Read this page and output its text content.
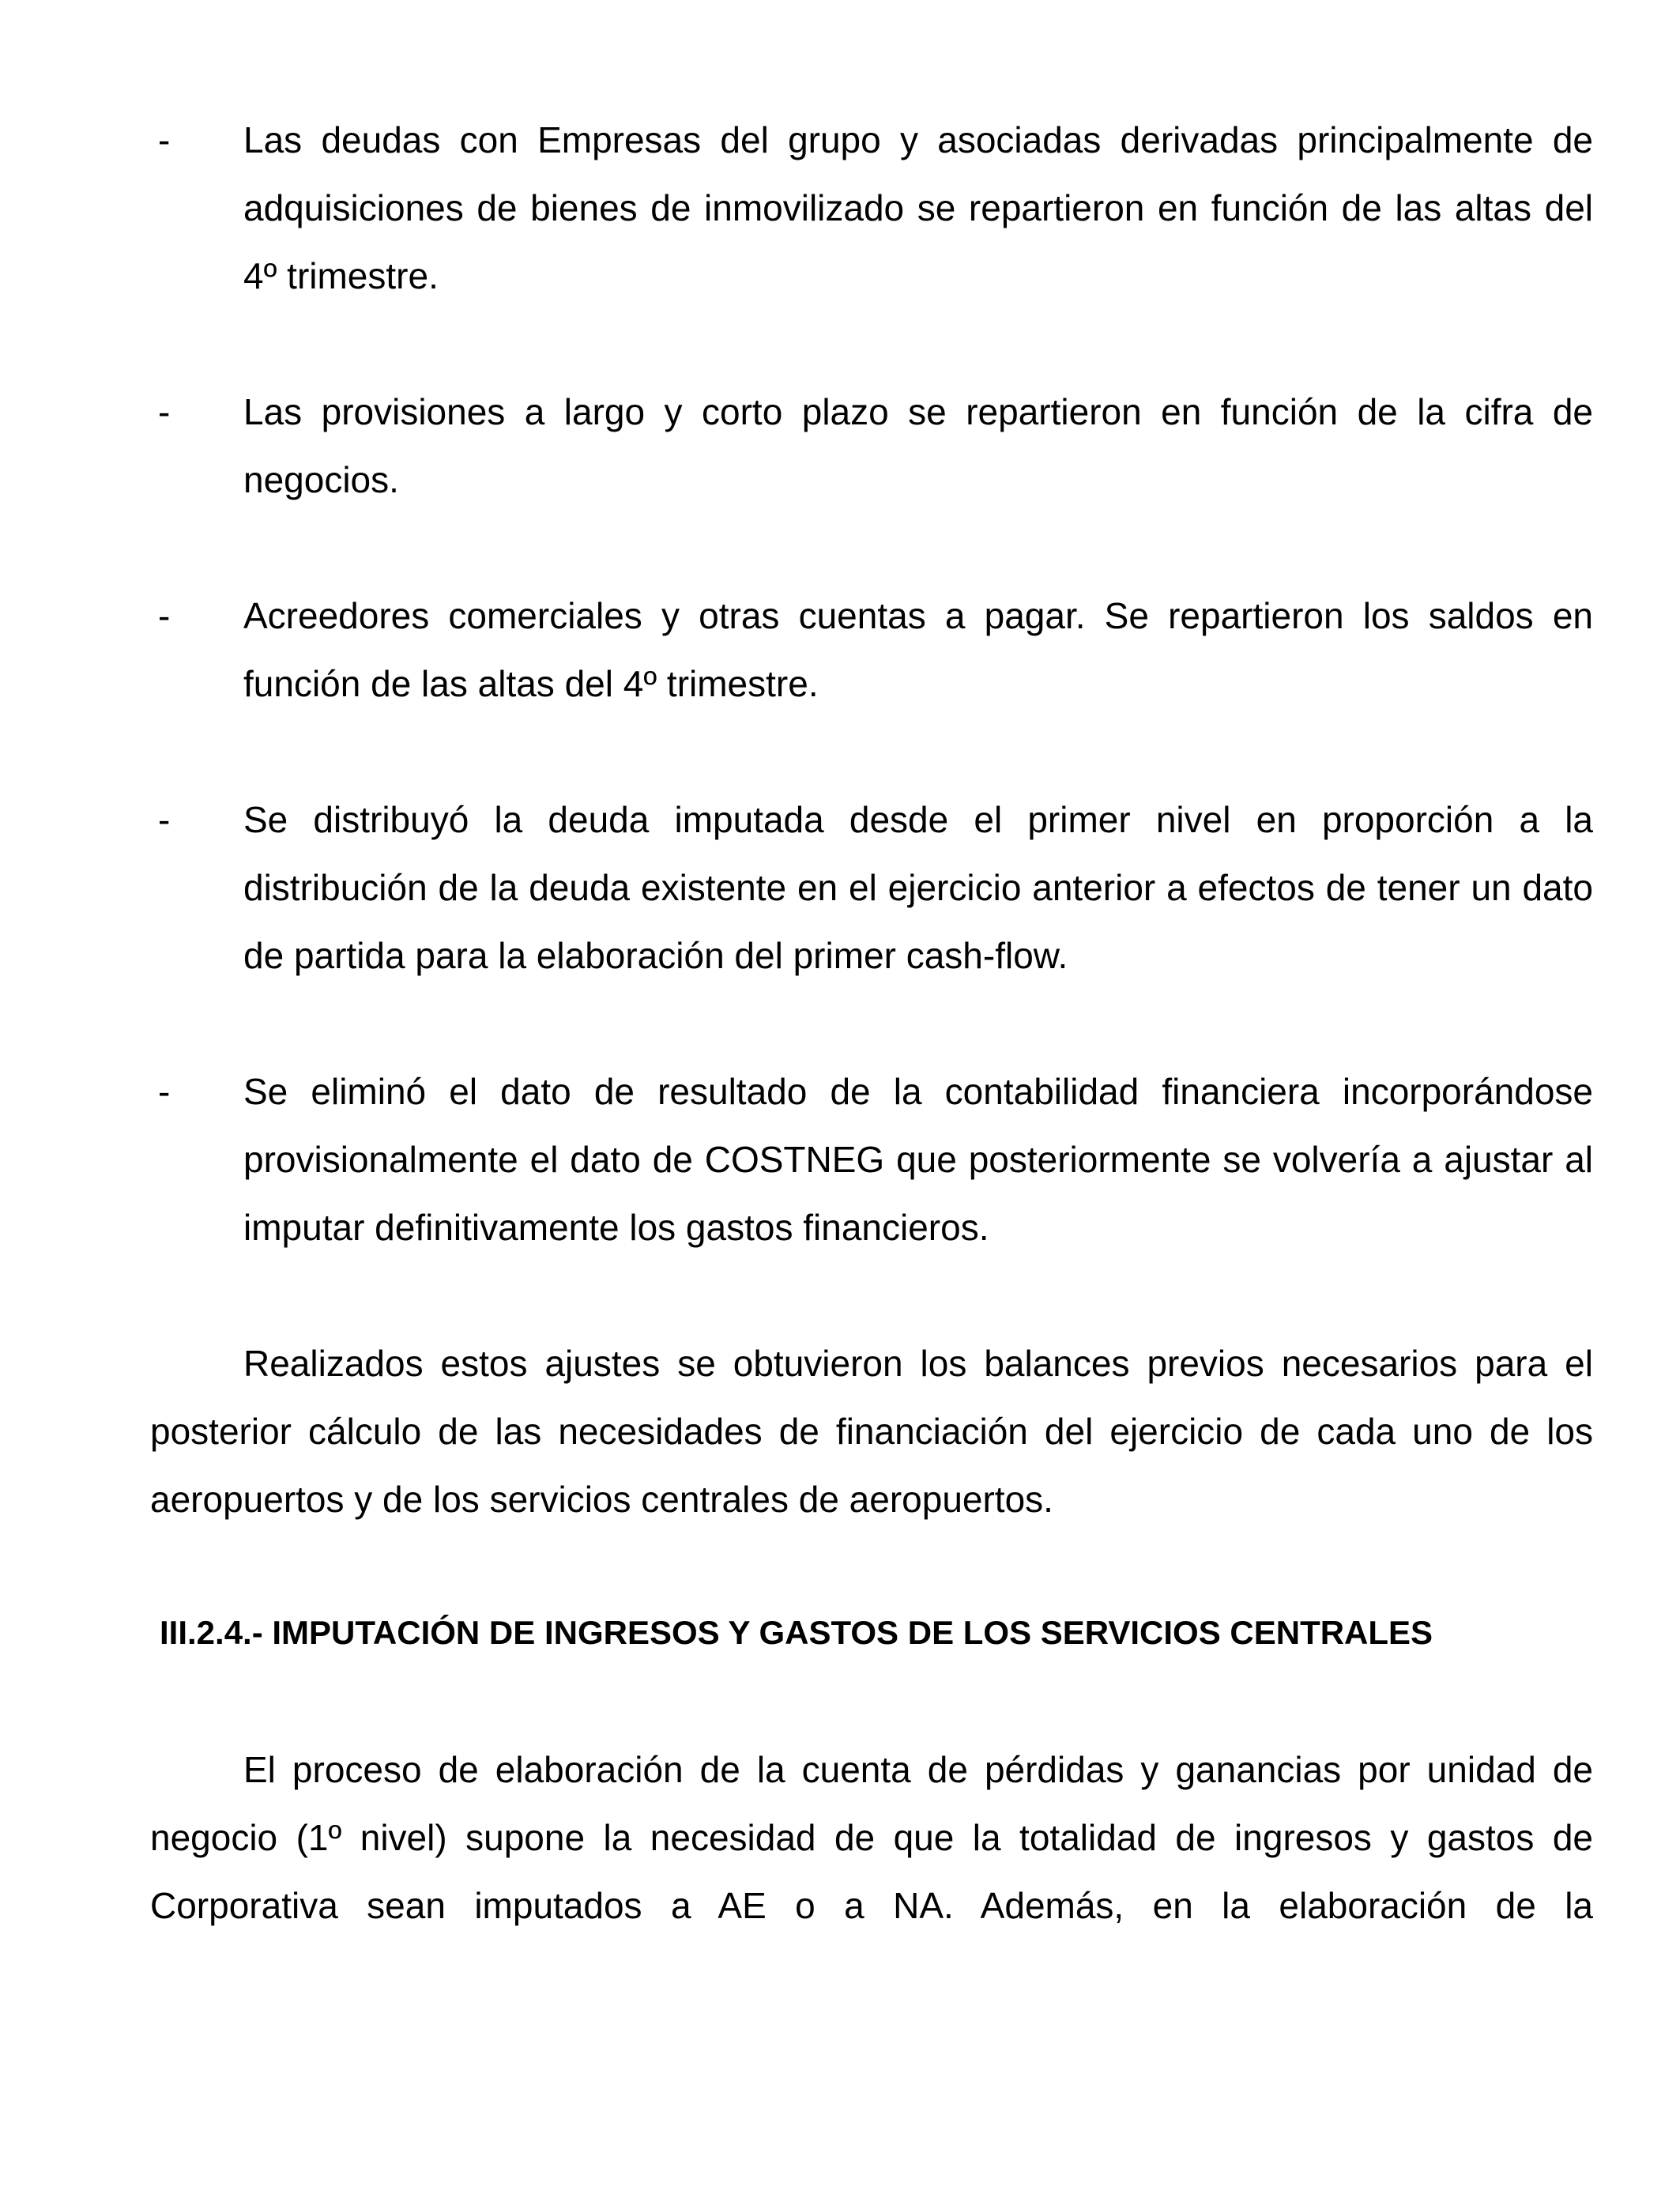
- Las deudas con Empresas del grupo y asociadas derivadas principalmente de adquisiciones de bienes de inmovilizado se repartieron en función de las altas del 4º trimestre.
- Las provisiones a largo y corto plazo se repartieron en función de la cifra de negocios.
- Acreedores comerciales y otras cuentas a pagar. Se repartieron los saldos en función de las altas del 4º trimestre.
- Se distribuyó la deuda imputada desde el primer nivel en proporción a la distribución de la deuda existente en el ejercicio anterior a efectos de tener un dato de partida para la elaboración del primer cash-flow.
- Se eliminó el dato de resultado de la contabilidad financiera incorporándose provisionalmente el dato de COSTNEG que posteriormente se volvería a ajustar al imputar definitivamente los gastos financieros.
Realizados estos ajustes se obtuvieron los balances previos necesarios para el posterior cálculo de las necesidades de financiación del ejercicio de cada uno de los aeropuertos y de los servicios centrales de aeropuertos.
III.2.4.- IMPUTACIÓN DE INGRESOS Y GASTOS DE LOS SERVICIOS CENTRALES
El proceso de elaboración de la cuenta de pérdidas y ganancias por unidad de negocio (1º nivel) supone la necesidad de que la totalidad de ingresos y gastos de Corporativa sean imputados a AE o a NA. Además, en la elaboración de la
